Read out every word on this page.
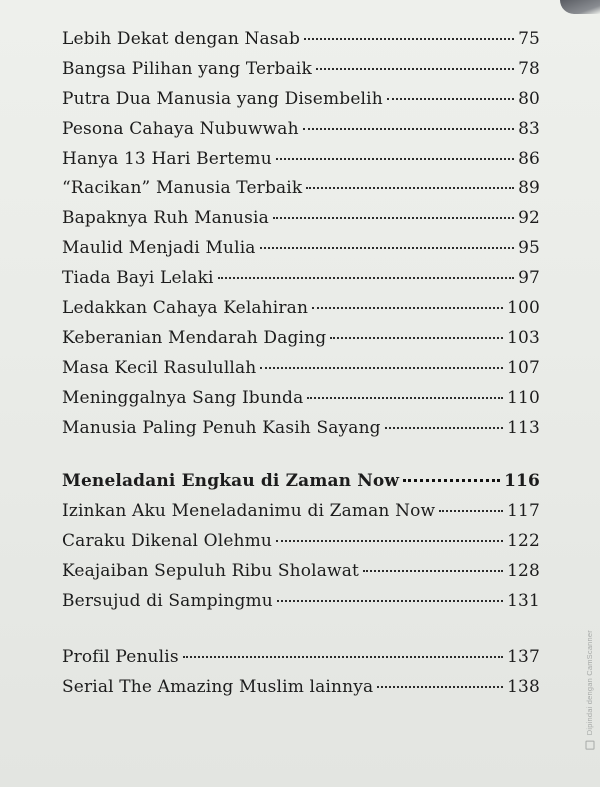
Lebih Dekat dengan Nasab	75
Bangsa Pilihan yang Terbaik	78
Putra Dua Manusia yang Disembelih	80
Pesona Cahaya Nubuwwah	83
Hanya 13 Hari Bertemu	86
“Racikan” Manusia Terbaik	89
Bapaknya Ruh Manusia	92
Maulid Menjadi Mulia	95
Tiada Bayi Lelaki	97
Ledakkan Cahaya Kelahiran	100
Keberanian Mendarah Daging	103
Masa Kecil Rasulullah	107
Meninggalnya Sang Ibunda	110
Manusia Paling Penuh Kasih Sayang	113
Meneladani Engkau di Zaman Now	116
Izinkan Aku Meneladanimu di Zaman Now	117
Caraku Dikenal Olehmu	122
Keajaiban Sepuluh Ribu Sholawat	128
Bersujud di Sampingmu	131
Profil Penulis	137
Serial The Amazing Muslim lainnya	138	Dipindai dengan CamScanner
